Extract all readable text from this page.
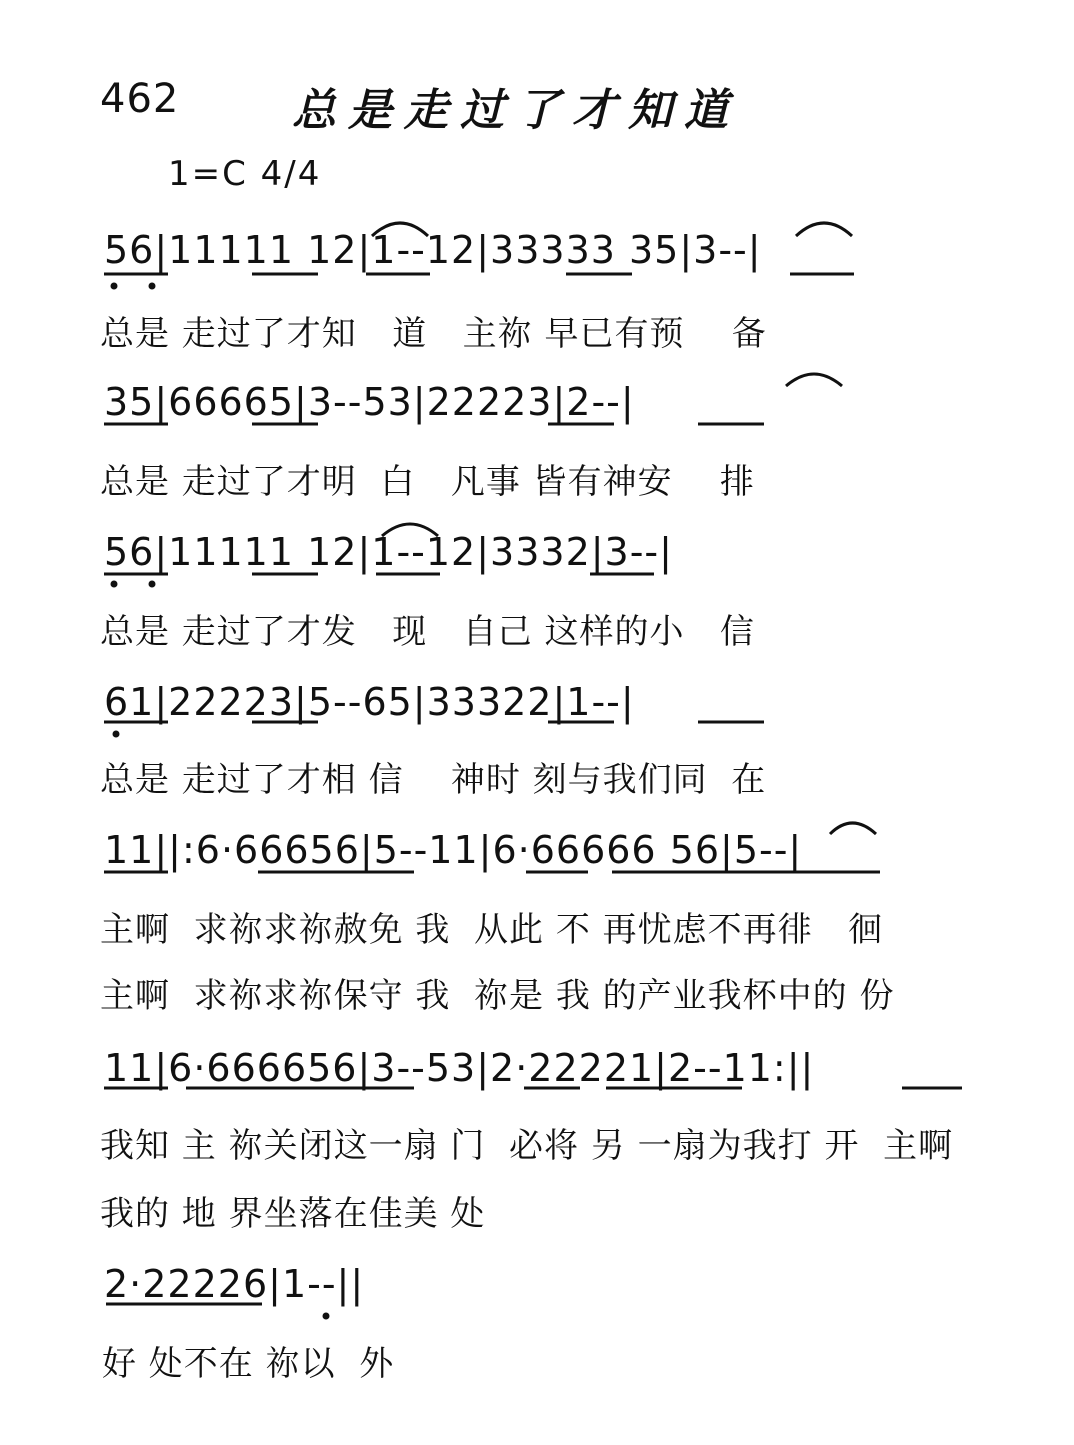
462	总是走过了才知道
1=C 4/4
56|11111 12|1--12|33333 35|3--|
总是 走过了才知   道   主祢 早已有预    备
35|66665|3--53|22223|2--|
总是 走过了才明  白   凡事 皆有神安    排
56|11111 12|1--12|3332|3--|
总是 走过了才发   现   自己 这样的小   信
61|22223|5--65|33322|1--|
总是 走过了才相 信    神时 刻与我们同  在
11||:6·66656|5--11|6·66666 56|5--|
主啊  求祢求祢赦免 我  从此 不 再忧虑不再徘   徊
主啊  求祢求祢保守 我  祢是 我 的产业我杯中的 份
11|6·666656|3--53|2·22221|2--11:||
我知 主 祢关闭这一扇 门  必将 另 一扇为我打 开  主啊
我的 地 界坐落在佳美 处
2·22226|1--||
好 处不在 祢以  外
